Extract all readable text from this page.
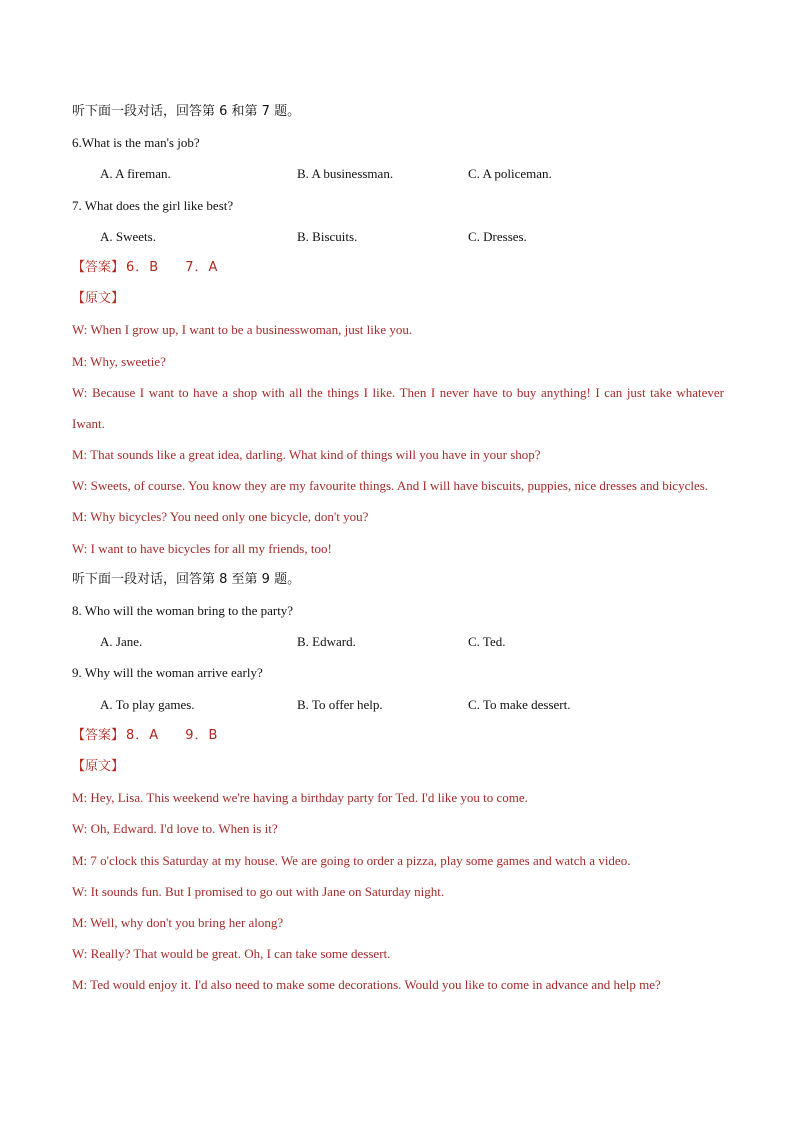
听下面一段对话，回答第 6 和第 7 题。
6.What is the man's job?
A. A fireman.	B. A businessman.	C. A policeman.
7. What does the girl like best?
A. Sweets.	B. Biscuits.	C. Dresses.
【答案】 6．B 7．A
【原文】
W: When I grow up, I want to be a businesswoman, just like you.
M: Why, sweetie?
W: Because I want to have a shop with all the things I like. Then I never have to buy anything! I can just take whatever Iwant.
M: That sounds like a great idea, darling. What kind of things will you have in your shop?
W: Sweets, of course. You know they are my favourite things. And I will have biscuits, puppies, nice dresses and bicycles.
M: Why bicycles? You need only one bicycle, don't you?
W: I want to have bicycles for all my friends, too!
听下面一段对话，回答第 8 至第 9 题。
8. Who will the woman bring to the party?
A. Jane.	B. Edward.	C. Ted.
9. Why will the woman arrive early?
A. To play games.	B. To offer help.	C. To make dessert.
【答案】 8．A 9．B
【原文】
M: Hey, Lisa. This weekend we're having a birthday party for Ted. I'd like you to come.
W: Oh, Edward. I'd love to. When is it?
M: 7 o'clock this Saturday at my house. We are going to order a pizza, play some games and watch a video.
W: It sounds fun. But I promised to go out with Jane on Saturday night.
M: Well, why don't you bring her along?
W: Really? That would be great. Oh, I can take some dessert.
M: Ted would enjoy it. I'd also need to make some decorations. Would you like to come in advance and help me?
